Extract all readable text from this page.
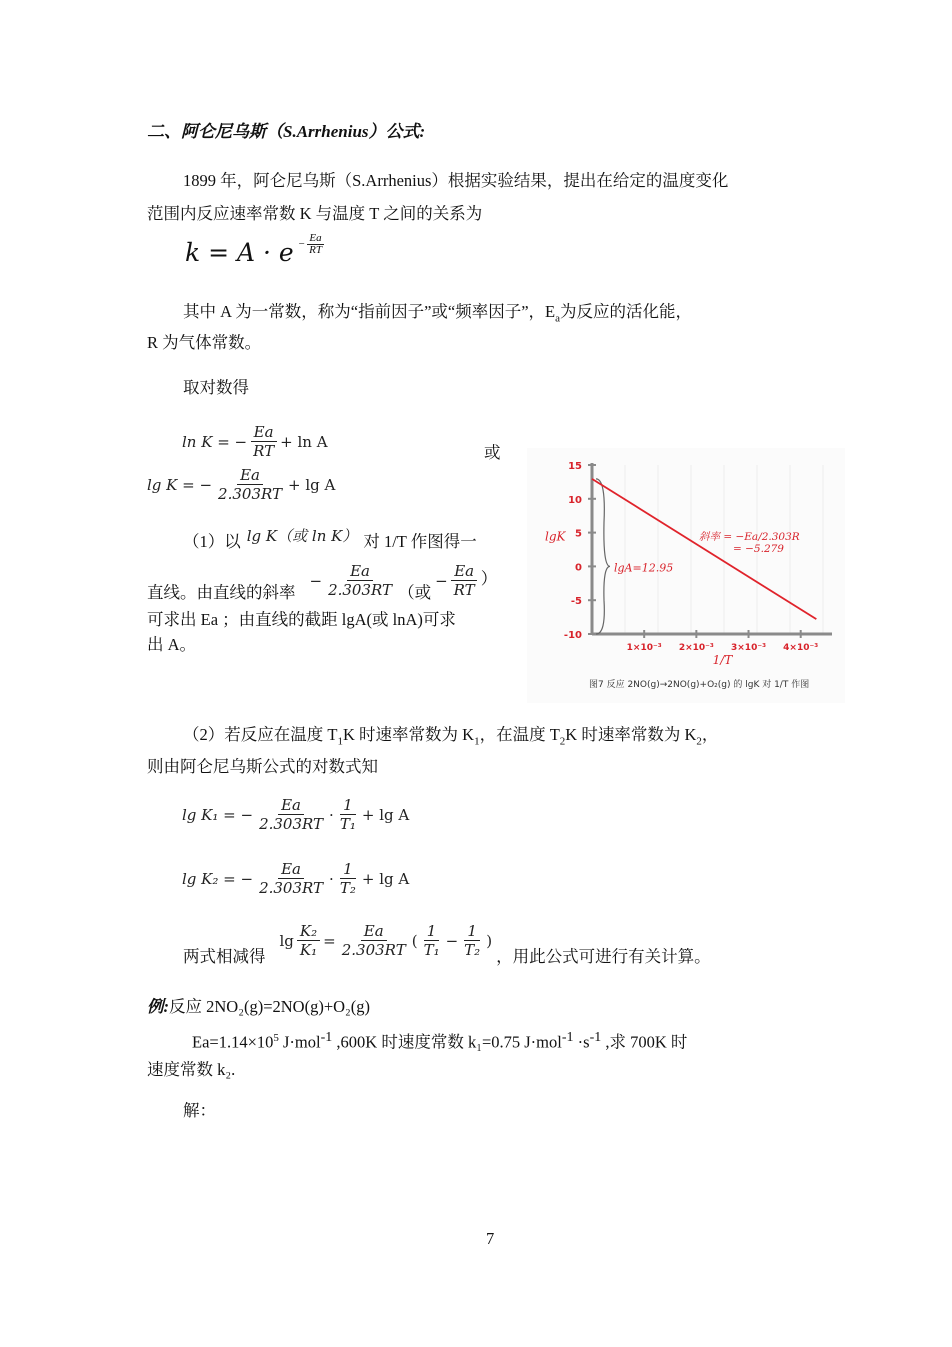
二、阿仑尼乌斯（S.Arrhenius）公式:
1899 年，阿仑尼乌斯（S.Arrhenius）根据实验结果，提出在给定的温度变化
范围内反应速率常数 K 与温度 T 之间的关系为
$k = A \cdot e - \frac{Ea}{RT}$
其中 A 为一常数，称为“指前因子”或“频率因子”，$E_a$为反应的活化能，
R 为气体常数。
取对数得
ln K = − $\frac{Ea}{RT} + \ln A$
或
lg K = − $\frac{Ea}{2.303RT} + \lg A$
（1）以 lg K（或 ln K） 对 1/T 作图得一
直线。由直线的斜率
− $\frac{Ea}{2.303RT}$ （或
− $\frac{Ea}{RT}$ ）
可求出 Ea ；由直线的截距 lgA(或 lnA)可求
出 A。
15
10
5
0
-5
-10
1×10⁻³ 2×10⁻³ 3×10⁻³ 4×10⁻³
lgK
1/T
lgA=12.95
斜率 = −Ea/2.303R
= −5.279
图7 反应 2NO(g)→2NO(g)+O₂(g) 的 lgK 对 1/T 作图
（2）若反应在温度 $T_1K$ 时速率常数为 $K_1$，在温度 $T_2K$ 时速率常数为 $K_2$，
则由阿仑尼乌斯公式的对数式知
lg K₁ = − $\frac{Ea}{2.303RT} \cdot \frac{1}{\text{T₁}} + \lg A$
lg K₂ = − $\frac{Ea}{2.303RT} \cdot \frac{1}{\text{T₂}} + \lg A$
两式相减得
$\lg \frac{\text{K₂}}{\text{K₁}} = \frac{Ea}{2.303RT}$ ( $\frac{1}{\text{T₁}} - \frac{1}{\text{T₂}}$ )
，用此公式可进行有关计算。
例:反应 2NO₂(g)=2NO(g)+O₂(g)
$Ea=1.14\times 10^5$ J·mol$^{-1}$ ,600K 时速度常数 k₁=0.75 $J\cdot mol^{-1} \cdot s^{-1}$ ,求 700K 时
速度常数 k₂.
解：
7
